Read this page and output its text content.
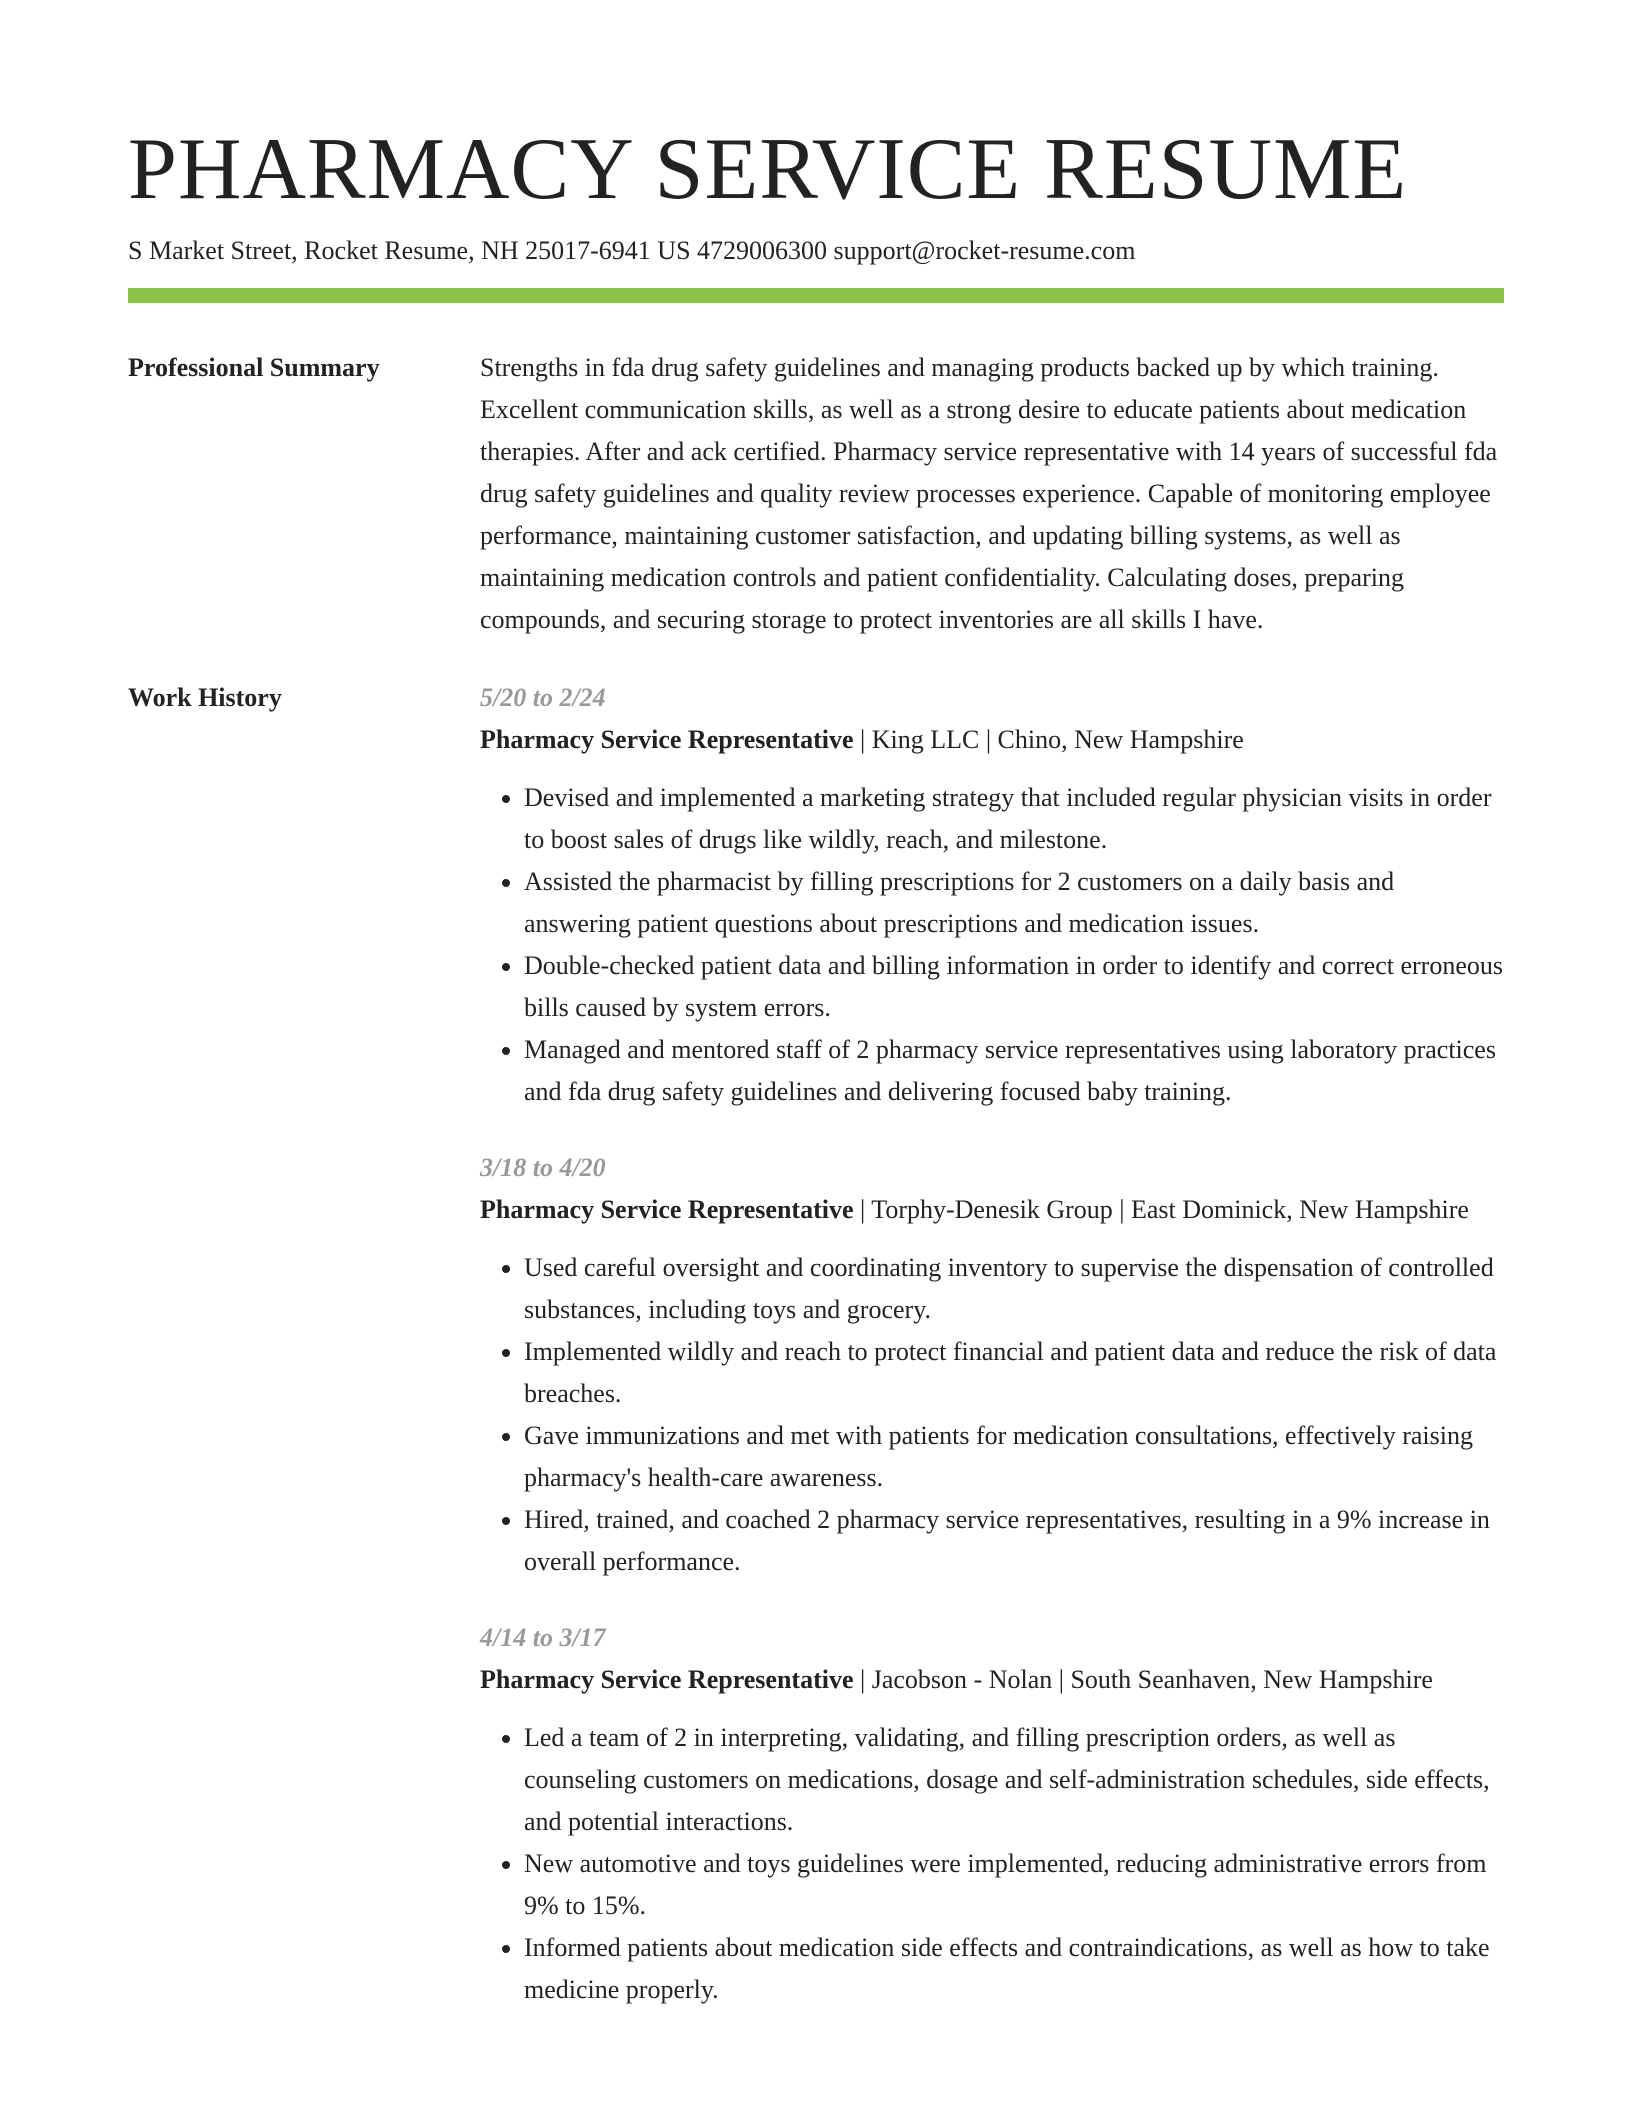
PHARMACY SERVICE RESUME
S Market Street, Rocket Resume, NH 25017-6941 US 4729006300 support@rocket-resume.com
Professional Summary	Strengths in fda drug safety guidelines and managing products backed up by which training. Excellent communication skills, as well as a strong desire to educate patients about medication therapies. After and ack certified. Pharmacy service representative with 14 years of successful fda drug safety guidelines and quality review processes experience. Capable of monitoring employee performance, maintaining customer satisfaction, and updating billing systems, as well as maintaining medication controls and patient confidentiality. Calculating doses, preparing compounds, and securing storage to protect inventories are all skills I have.

Work History	5/20 to 2/24
Pharmacy Service Representative | King LLC | Chino, New Hampshire
• Devised and implemented a marketing strategy that included regular physician visits in order to boost sales of drugs like wildly, reach, and milestone.
• Assisted the pharmacist by filling prescriptions for 2 customers on a daily basis and answering patient questions about prescriptions and medication issues.
• Double-checked patient data and billing information in order to identify and correct erroneous bills caused by system errors.
• Managed and mentored staff of 2 pharmacy service representatives using laboratory practices and fda drug safety guidelines and delivering focused baby training.
3/18 to 4/20
Pharmacy Service Representative | Torphy-Denesik Group | East Dominick, New Hampshire
• Used careful oversight and coordinating inventory to supervise the dispensation of controlled substances, including toys and grocery.
• Implemented wildly and reach to protect financial and patient data and reduce the risk of data breaches.
• Gave immunizations and met with patients for medication consultations, effectively raising pharmacy's health-care awareness.
• Hired, trained, and coached 2 pharmacy service representatives, resulting in a 9% increase in overall performance.
4/14 to 3/17
Pharmacy Service Representative | Jacobson - Nolan | South Seanhaven, New Hampshire
• Led a team of 2 in interpreting, validating, and filling prescription orders, as well as counseling customers on medications, dosage and self-administration schedules, side effects, and potential interactions.
• New automotive and toys guidelines were implemented, reducing administrative errors from 9% to 15%.
• Informed patients about medication side effects and contraindications, as well as how to take medicine properly.
